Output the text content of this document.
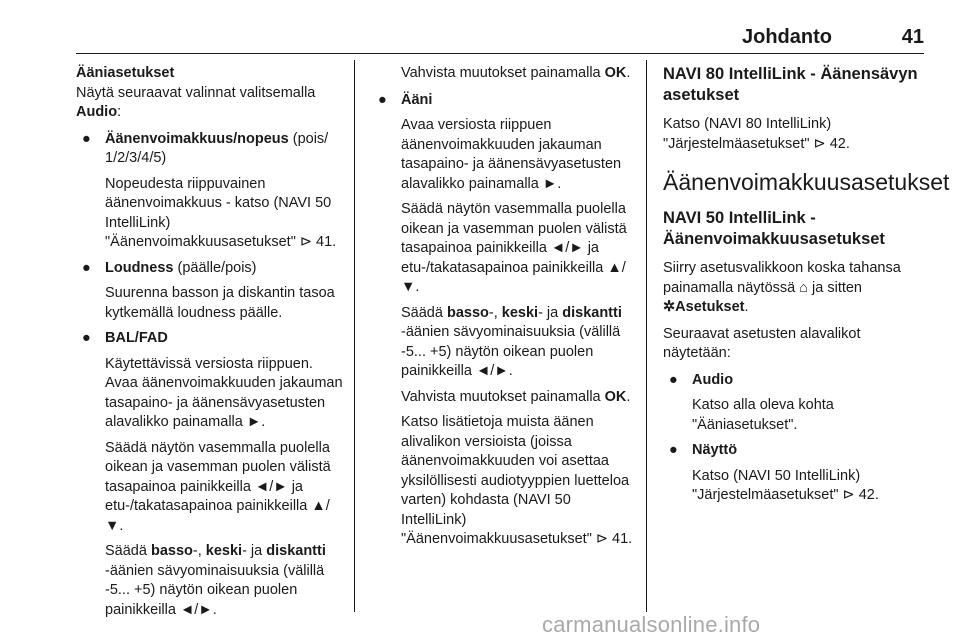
Johdanto	41

Ääniasetukset

Näytä seuraavat valinnat valitsemalla Audio:

● Äänenvoimakkuus/nopeus (pois/ 1/2/3/4/5)

Nopeudesta riippuvainen äänenvoimakkuus - katso (NAVI 50 IntelliLink) "Äänenvoimakkuusasetukset" ⊳ 41.

● Loudness (päälle/pois)

Suurenna basson ja diskantin tasoa kytkemällä loudness päälle.

● BAL/FAD

Käytettävissä versiosta riippuen. Avaa äänenvoimakkuuden jakauman tasapaino- ja äänensävyasetusten alavalikko painamalla ►.

Säädä näytön vasemmalla puolella oikean ja vasemman puolen välistä tasapainoa painikkeilla ◄/► ja etu-/takatasapainoa painikkeilla ▲/▼.

Säädä basso-, keski- ja diskantti -äänien sävyominaisuuksia (välillä -5... +5) näytön oikean puolen painikkeilla ◄/►.

Vahvista muutokset painamalla OK.

● Ääni

Avaa versiosta riippuen äänenvoimakkuuden jakauman tasapaino- ja äänensävyasetusten alavalikko painamalla ►.

Säädä näytön vasemmalla puolella oikean ja vasemman puolen välistä tasapainoa painikkeilla ◄/► ja etu-/takatasapainoa painikkeilla ▲/▼.

Säädä basso-, keski- ja diskantti -äänien sävyominaisuuksia (välillä -5... +5) näytön oikean puolen painikkeilla ◄/►.

Vahvista muutokset painamalla OK.

Katso lisätietoja muista äänen alivalikon versioista (joissa äänenvoimakkuuden voi asettaa yksilöllisesti audiotyyppien luetteloa varten) kohdasta (NAVI 50 IntelliLink) "Äänenvoimakkuusasetukset" ⊳ 41.

NAVI 80 IntelliLink - Äänensävyn asetukset

Katso (NAVI 80 IntelliLink) "Järjestelmäasetukset" ⊳ 42.

Äänenvoimakkuusasetukset

NAVI 50 IntelliLink - Äänenvoimakkuusasetukset

Siirry asetusvalikkoon koska tahansa painamalla näytössä ⌂ ja sitten ✲Asetukset.

Seuraavat asetusten alavalikot näytetään:

● Audio

Katso alla oleva kohta "Ääniasetukset".

● Näyttö

Katso (NAVI 50 IntelliLink) "Järjestelmäasetukset" ⊳ 42.

carmanualsonline.info
